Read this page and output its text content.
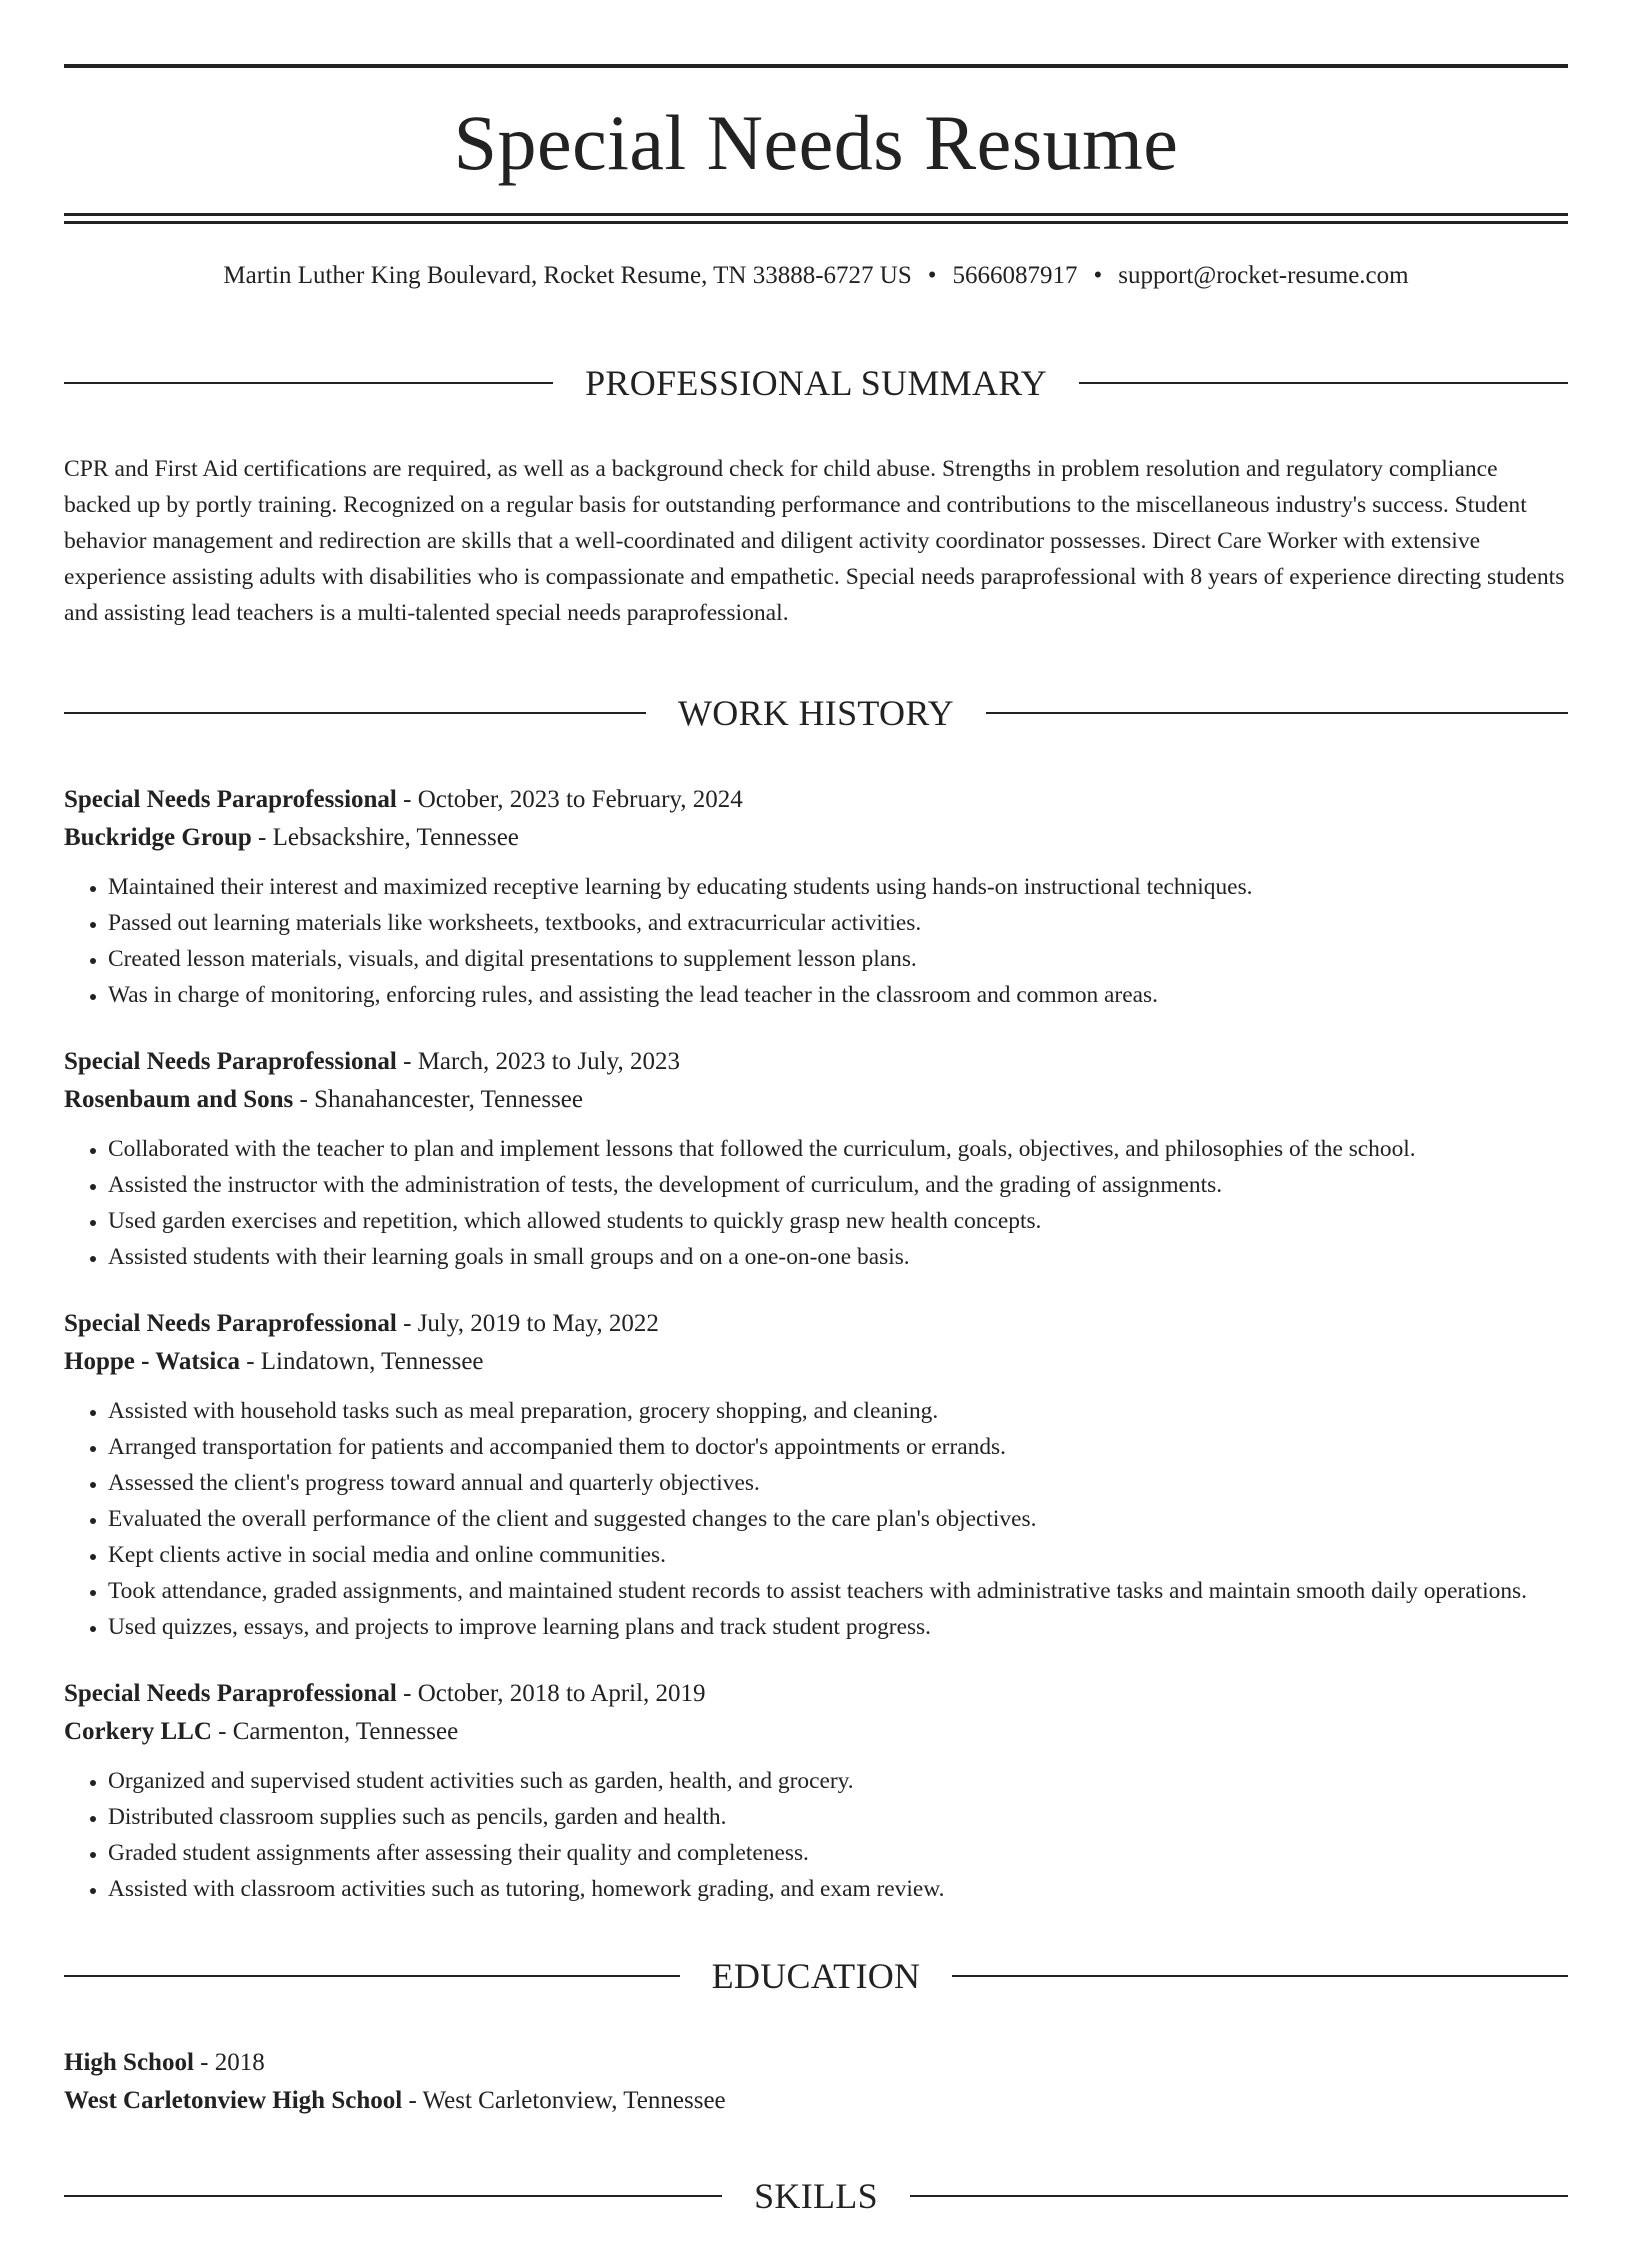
Special Needs Resume
Martin Luther King Boulevard, Rocket Resume, TN 33888-6727 US • 5666087917 • support@rocket-resume.com
PROFESSIONAL SUMMARY

CPR and First Aid certifications are required, as well as a background check for child abuse. Strengths in problem resolution and regulatory compliance backed up by portly training. Recognized on a regular basis for outstanding performance and contributions to the miscellaneous industry's success. Student behavior management and redirection are skills that a well-coordinated and diligent activity coordinator possesses. Direct Care Worker with extensive experience assisting adults with disabilities who is compassionate and empathetic. Special needs paraprofessional with 8 years of experience directing students and assisting lead teachers is a multi-talented special needs paraprofessional.

WORK HISTORY

Special Needs Paraprofessional - October, 2023 to February, 2024

Buckridge Group - Lebsackshire, Tennessee

• Maintained their interest and maximized receptive learning by educating students using hands-on instructional techniques.
• Passed out learning materials like worksheets, textbooks, and extracurricular activities.
• Created lesson materials, visuals, and digital presentations to supplement lesson plans.
• Was in charge of monitoring, enforcing rules, and assisting the lead teacher in the classroom and common areas.

Special Needs Paraprofessional - March, 2023 to July, 2023

Rosenbaum and Sons - Shanahancester, Tennessee

• Collaborated with the teacher to plan and implement lessons that followed the curriculum, goals, objectives, and philosophies of the school.
• Assisted the instructor with the administration of tests, the development of curriculum, and the grading of assignments.
• Used garden exercises and repetition, which allowed students to quickly grasp new health concepts.
• Assisted students with their learning goals in small groups and on a one-on-one basis.

Special Needs Paraprofessional - July, 2019 to May, 2022

Hoppe - Watsica - Lindatown, Tennessee

• Assisted with household tasks such as meal preparation, grocery shopping, and cleaning.
• Arranged transportation for patients and accompanied them to doctor's appointments or errands.
• Assessed the client's progress toward annual and quarterly objectives.
• Evaluated the overall performance of the client and suggested changes to the care plan's objectives.
• Kept clients active in social media and online communities.
• Took attendance, graded assignments, and maintained student records to assist teachers with administrative tasks and maintain smooth daily operations.
• Used quizzes, essays, and projects to improve learning plans and track student progress.

Special Needs Paraprofessional - October, 2018 to April, 2019

Corkery LLC - Carmenton, Tennessee

• Organized and supervised student activities such as garden, health, and grocery.
• Distributed classroom supplies such as pencils, garden and health.
• Graded student assignments after assessing their quality and completeness.
• Assisted with classroom activities such as tutoring, homework grading, and exam review.
EDUCATION

High School - 2018

West Carletonview High School - West Carletonview, Tennessee

SKILLS
